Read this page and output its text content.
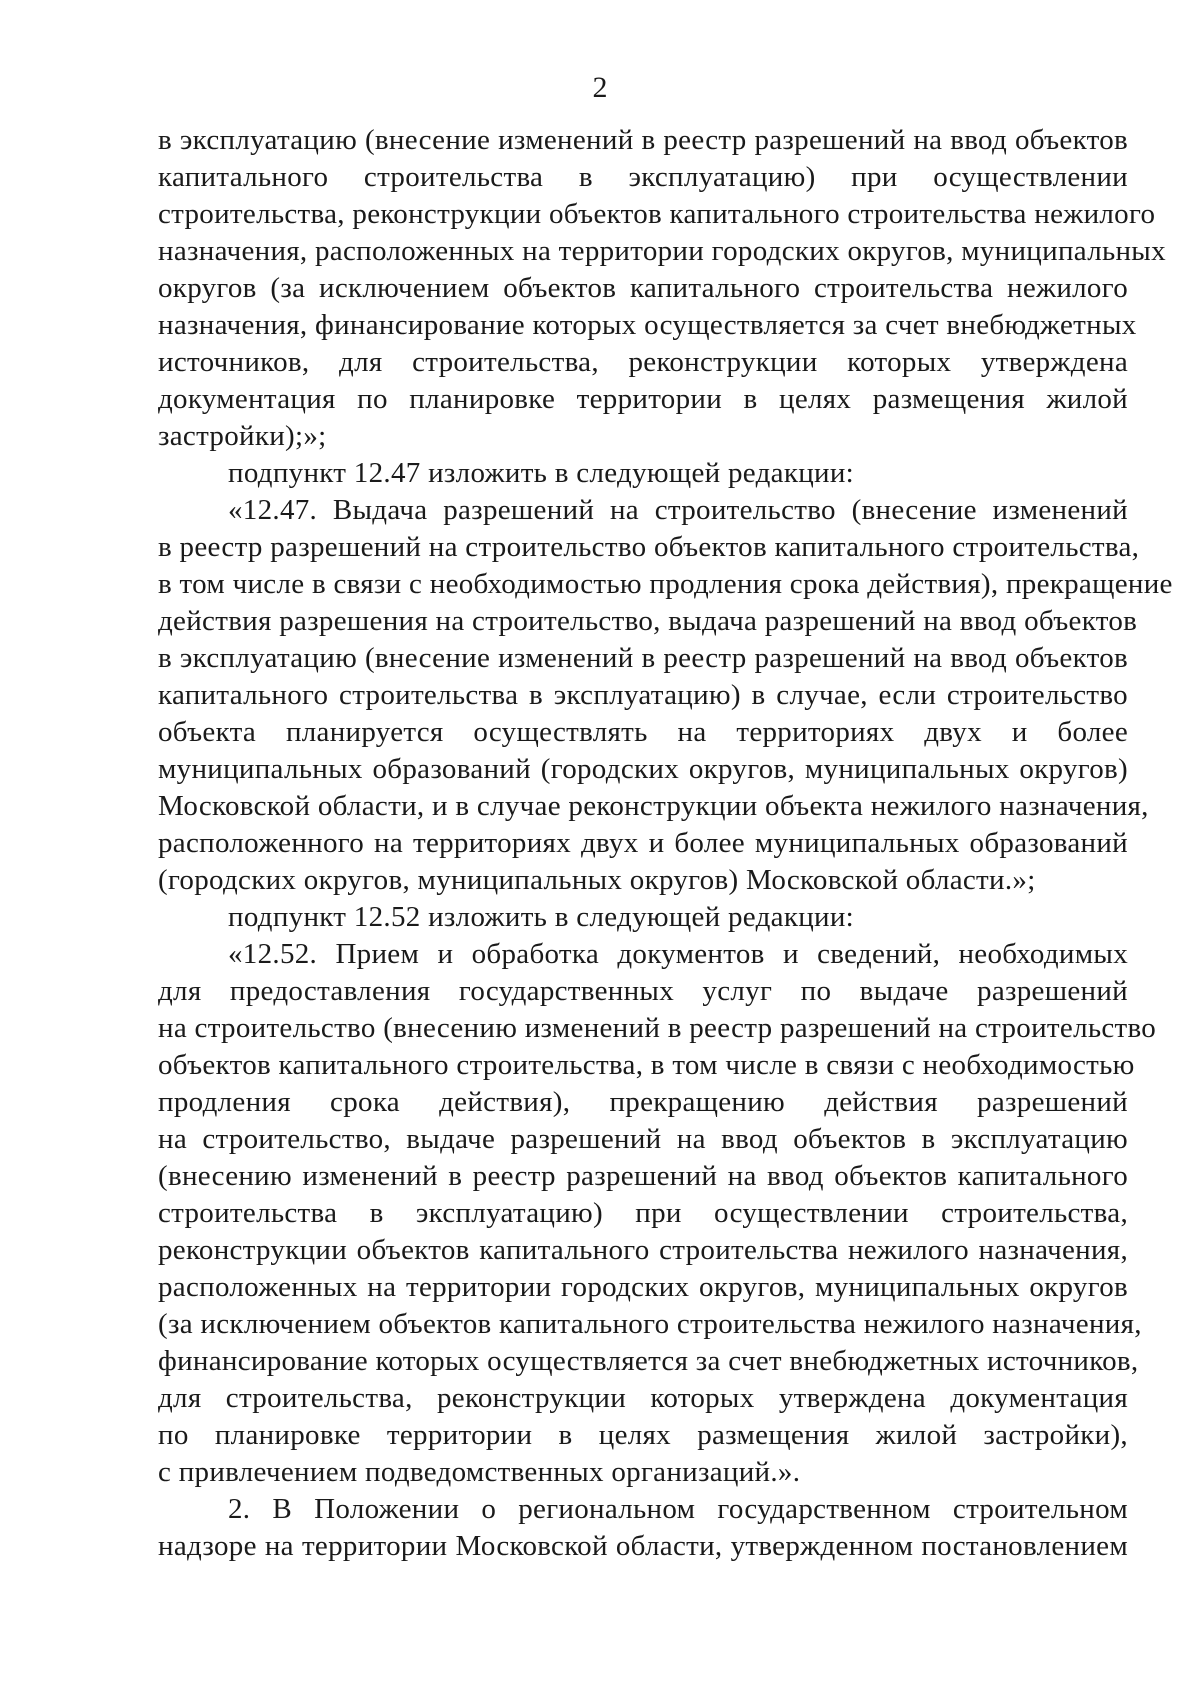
2
в эксплуатацию (внесение изменений в реестр разрешений на ввод объектов
капитального строительства в эксплуатацию) при осуществлении
строительства, реконструкции объектов капитального строительства нежилого
назначения, расположенных на территории городских округов, муниципальных
округов (за исключением объектов капитального строительства нежилого
назначения, финансирование которых осуществляется за счет внебюджетных
источников, для строительства, реконструкции которых утверждена
документация по планировке территории в целях размещения жилой
застройки);»;
подпункт 12.47 изложить в следующей редакции:
«12.47. Выдача разрешений на строительство (внесение изменений
в реестр разрешений на строительство объектов капитального строительства,
в том числе в связи с необходимостью продления срока действия), прекращение
действия разрешения на строительство, выдача разрешений на ввод объектов
в эксплуатацию (внесение изменений в реестр разрешений на ввод объектов
капитального строительства в эксплуатацию) в случае, если строительство
объекта планируется осуществлять на территориях двух и более
муниципальных образований (городских округов, муниципальных округов)
Московской области, и в случае реконструкции объекта нежилого назначения,
расположенного на территориях двух и более муниципальных образований
(городских округов, муниципальных округов) Московской области.»;
подпункт 12.52 изложить в следующей редакции:
«12.52. Прием и обработка документов и сведений, необходимых
для предоставления государственных услуг по выдаче разрешений
на строительство (внесению изменений в реестр разрешений на строительство
объектов капитального строительства, в том числе в связи с необходимостью
продления срока действия), прекращению действия разрешений
на строительство, выдаче разрешений на ввод объектов в эксплуатацию
(внесению изменений в реестр разрешений на ввод объектов капитального
строительства в эксплуатацию) при осуществлении строительства,
реконструкции объектов капитального строительства нежилого назначения,
расположенных на территории городских округов, муниципальных округов
(за исключением объектов капитального строительства нежилого назначения,
финансирование которых осуществляется за счет внебюджетных источников,
для строительства, реконструкции которых утверждена документация
по планировке территории в целях размещения жилой застройки),
с привлечением подведомственных организаций.».
2. В Положении о региональном государственном строительном
надзоре на территории Московской области, утвержденном постановлением
